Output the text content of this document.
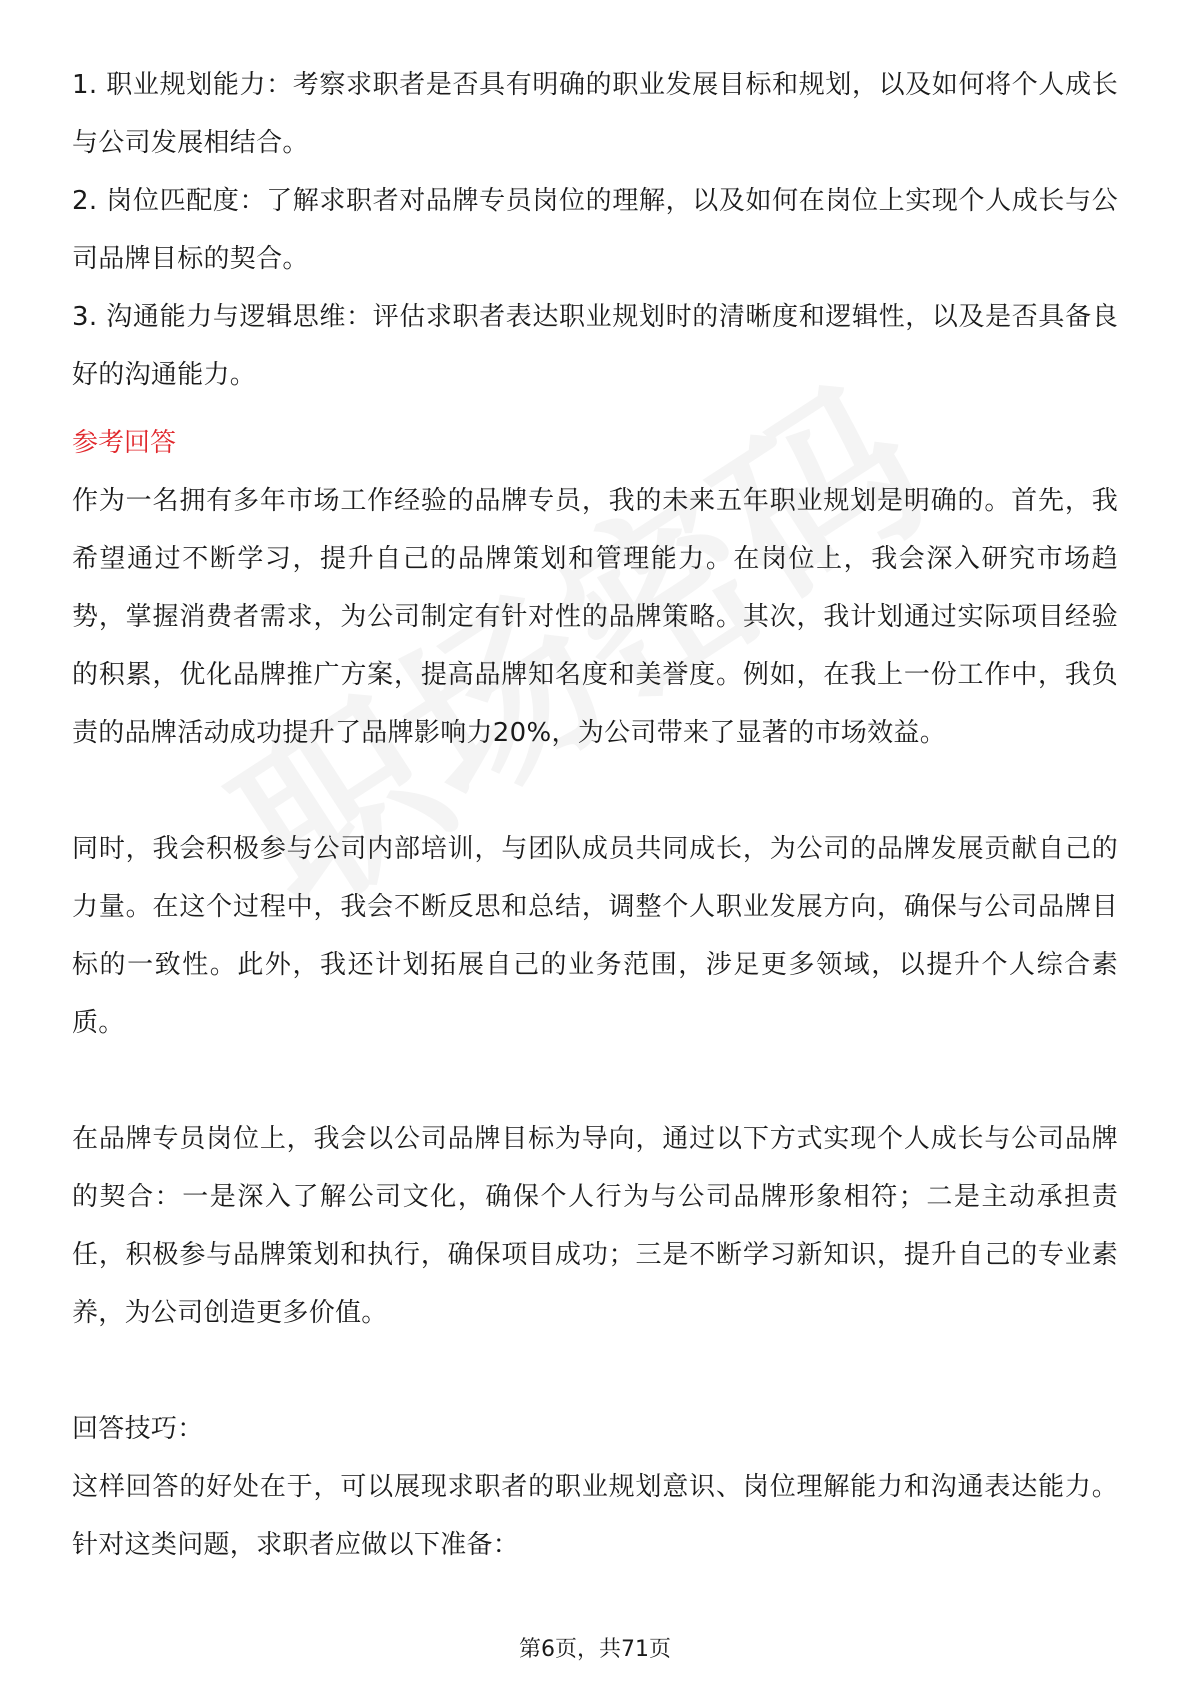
1. 职业规划能力：考察求职者是否具有明确的职业发展目标和规划，以及如何将个人成长与公司发展相结合。

2. 岗位匹配度：了解求职者对品牌专员岗位的理解，以及如何在岗位上实现个人成长与公司品牌目标的契合。

3. 沟通能力与逻辑思维：评估求职者表达职业规划时的清晰度和逻辑性，以及是否具备良好的沟通能力。

参考回答

作为一名拥有多年市场工作经验的品牌专员，我的未来五年职业规划是明确的。首先，我希望通过不断学习，提升自己的品牌策划和管理能力。在岗位上，我会深入研究市场趋势，掌握消费者需求，为公司制定有针对性的品牌策略。其次，我计划通过实际项目经验的积累，优化品牌推广方案，提高品牌知名度和美誉度。例如，在我上一份工作中，我负责的品牌活动成功提升了品牌影响力20%，为公司带来了显著的市场效益。

同时，我会积极参与公司内部培训，与团队成员共同成长，为公司的品牌发展贡献自己的力量。在这个过程中，我会不断反思和总结，调整个人职业发展方向，确保与公司品牌目标的一致性。此外，我还计划拓展自己的业务范围，涉足更多领域，以提升个人综合素质。

在品牌专员岗位上，我会以公司品牌目标为导向，通过以下方式实现个人成长与公司品牌的契合：一是深入了解公司文化，确保个人行为与公司品牌形象相符；二是主动承担责任，积极参与品牌策划和执行，确保项目成功；三是不断学习新知识，提升自己的专业素养，为公司创造更多价值。

回答技巧：

这样回答的好处在于，可以展现求职者的职业规划意识、岗位理解能力和沟通表达能力。针对这类问题，求职者应做以下准备：

第6页，共71页
